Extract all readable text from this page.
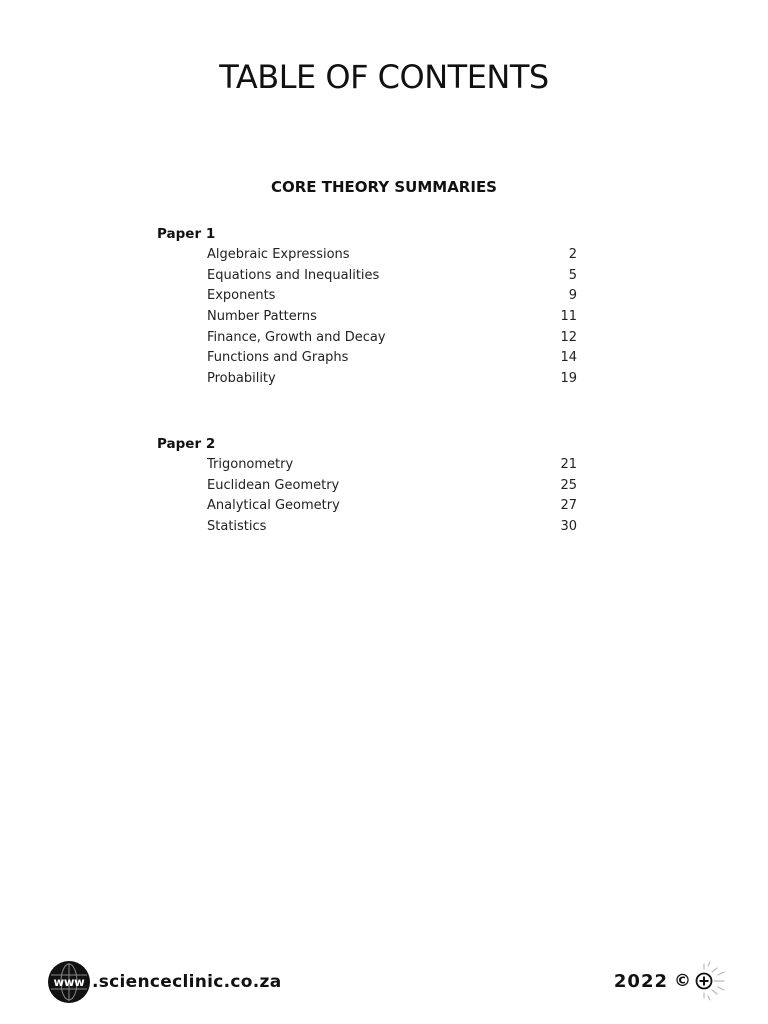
TABLE OF CONTENTS
CORE THEORY SUMMARIES
Paper 1
Algebraic Expressions	2
Equations and Inequalities	5
Exponents	9
Number Patterns	11
Finance, Growth and Decay	12
Functions and Graphs	14
Probability	19
Paper 2
Trigonometry	21
Euclidean Geometry	25
Analytical Geometry	27
Statistics	30
www .scienceclinic.co.za	2022 ©
